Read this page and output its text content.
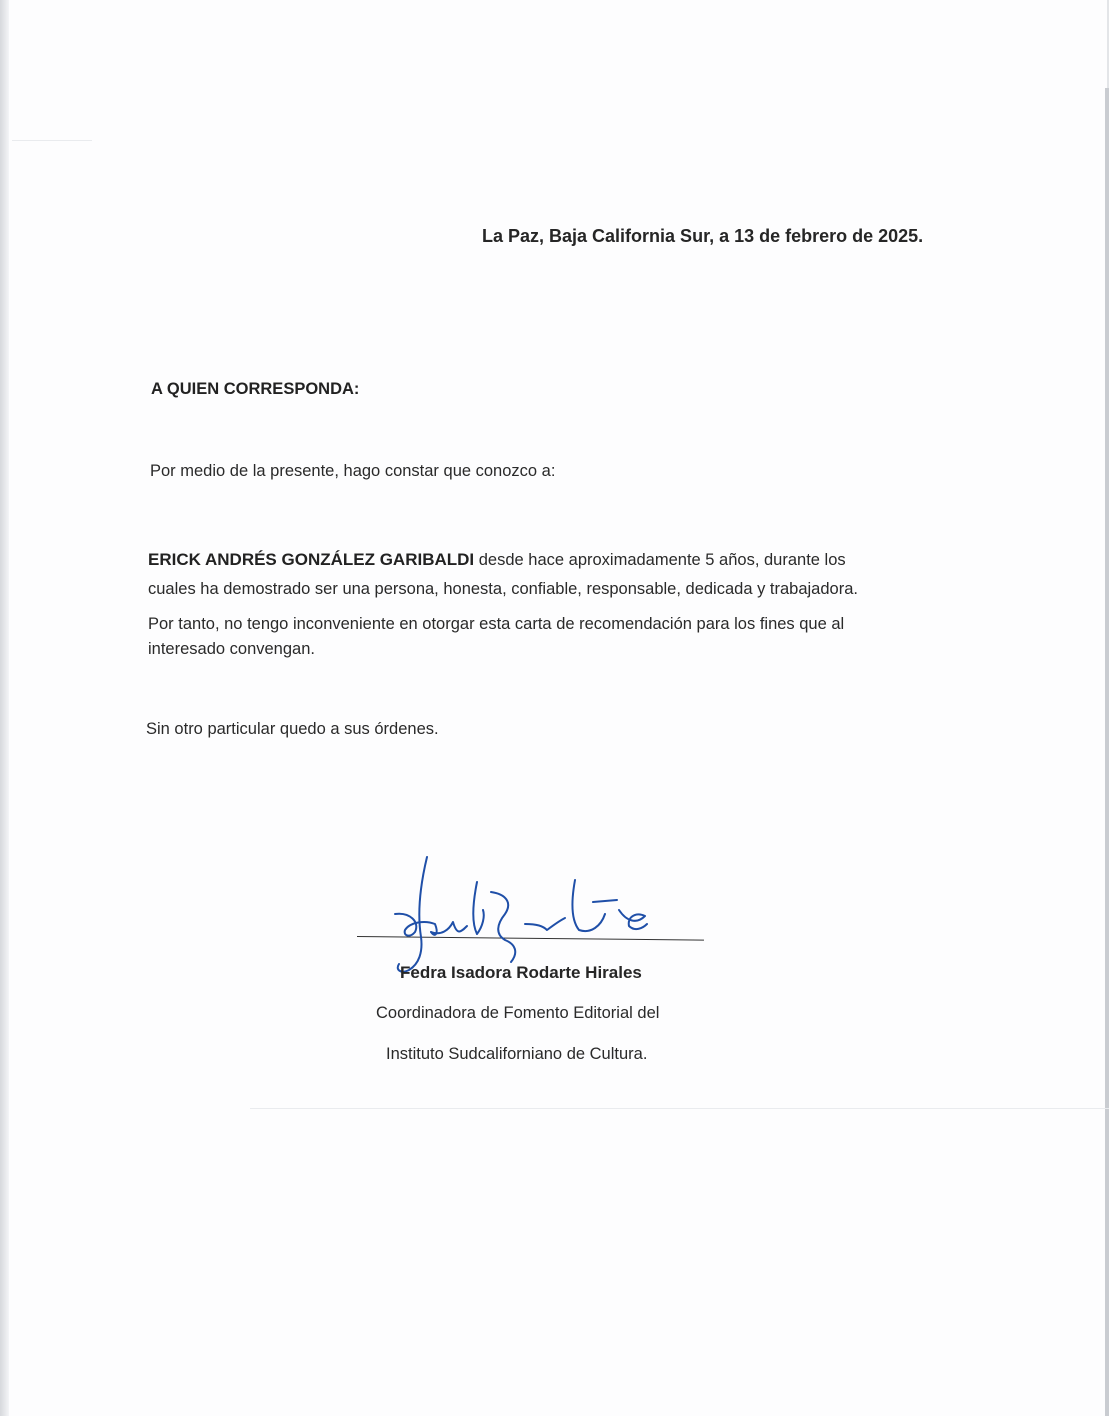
La Paz, Baja California Sur, a 13 de febrero de 2025.
A QUIEN CORRESPONDA:
Por medio de la presente, hago constar que conozco a:
ERICK ANDRÉS GONZÁLEZ GARIBALDI desde hace aproximadamente 5 años, durante los
cuales ha demostrado ser una persona, honesta, confiable, responsable, dedicada y trabajadora.
Por tanto, no tengo inconveniente en otorgar esta carta de recomendación para los fines que al
interesado convengan.
Sin otro particular quedo a sus órdenes.
Fedra Isadora Rodarte Hirales
Coordinadora de Fomento Editorial del
Instituto Sudcaliforniano de Cultura.
